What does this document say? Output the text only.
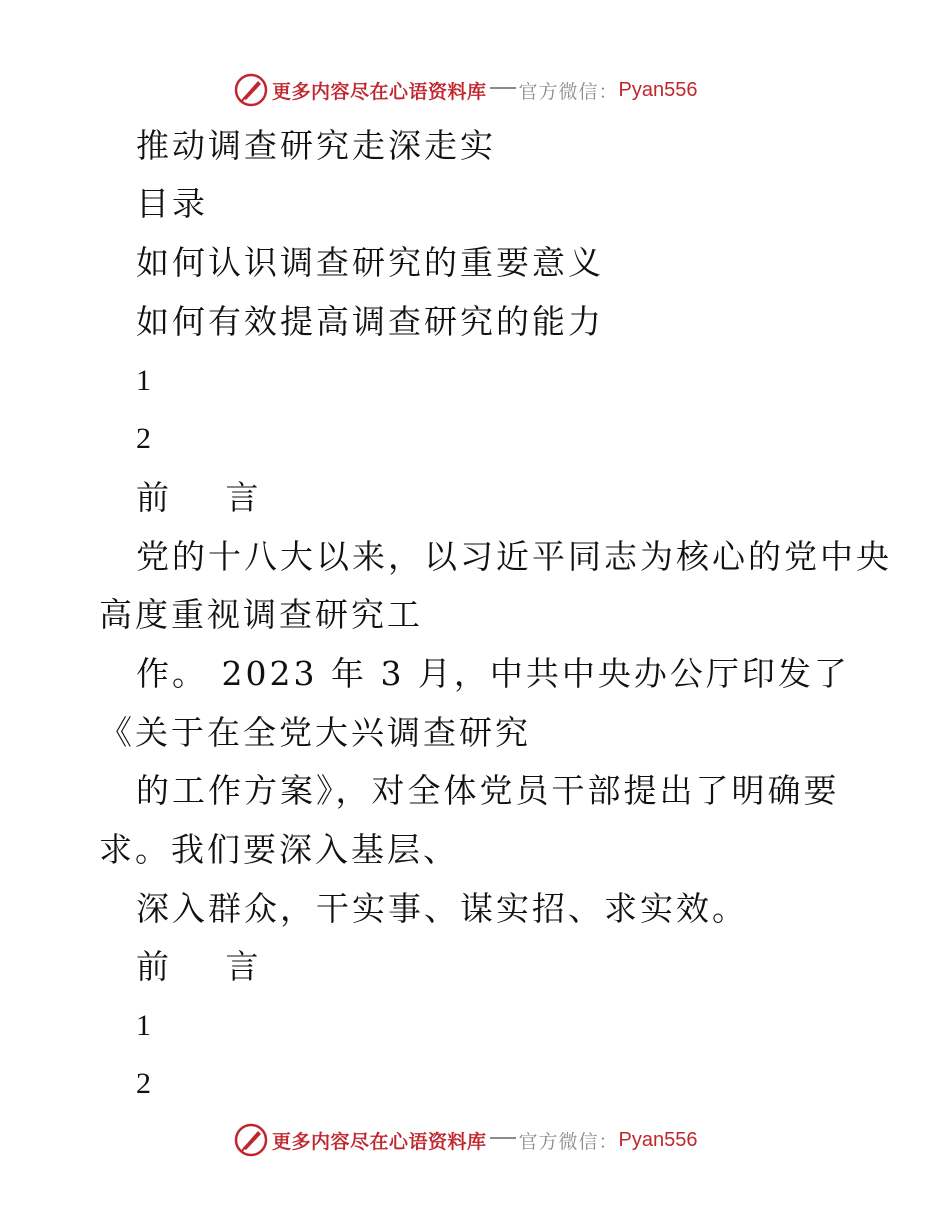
更多内容尽在心语资料库 官方微信： Pyan556
推动调查研究走深走实
目录
如何认识调查研究的重要意义
如何有效提高调查研究的能力
1
2
前 言
党的十八大以来，以习近平同志为核心的党中央
高度重视调查研究工
作。 2023 年 3 月，中共中央办公厅印发了
《关于在全党大兴调查研究
的工作方案》，对全体党员干部提出了明确要
求。我们要深入基层、
深入群众，干实事、谋实招、求实效。
前 言
1
2
更多内容尽在心语资料库 官方微信： Pyan556
